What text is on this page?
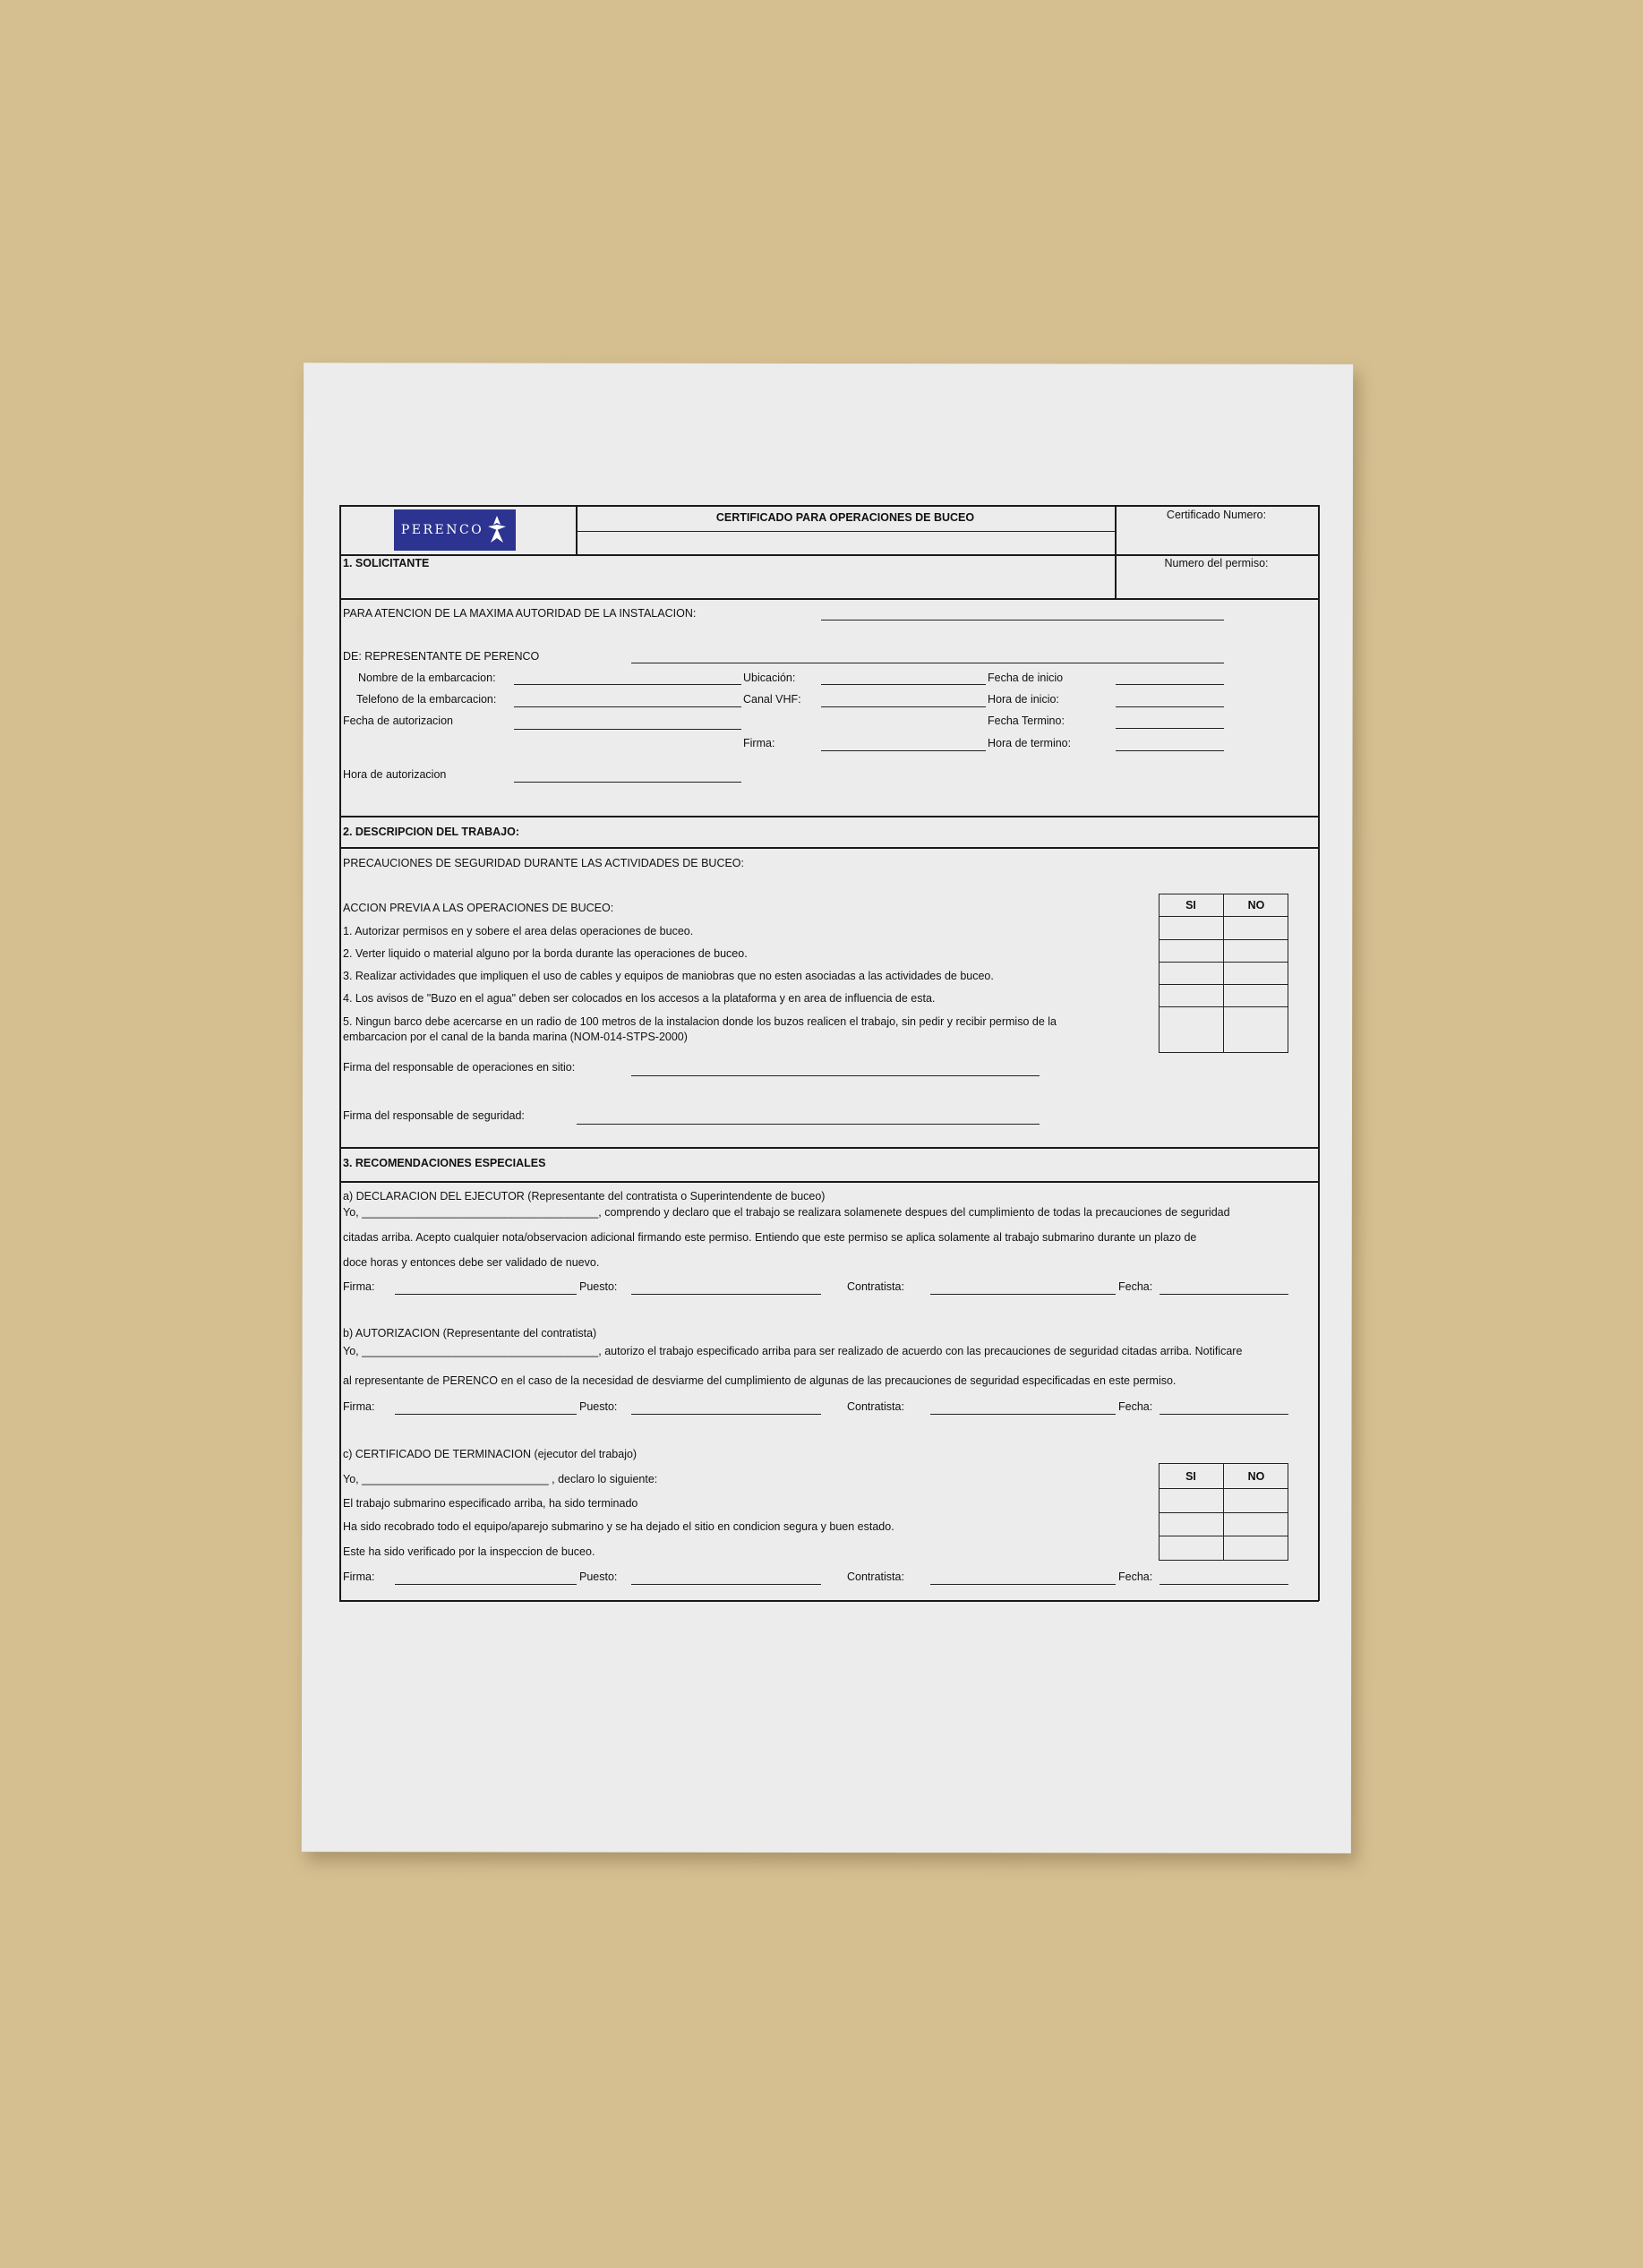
PERENCO
CERTIFICADO PARA OPERACIONES DE BUCEO	Certificado Numero:
Numero del permiso:
1. SOLICITANTE
PARA ATENCION DE LA MAXIMA AUTORIDAD DE LA INSTALACION:
DE: REPRESENTANTE DE PERENCO
Nombre de la embarcacion:	Ubicación:	Fecha de inicio
Telefono de la embarcacion:	Canal VHF:	Hora de inicio:
Fecha de autorizacion	Fecha Termino:
Firma:	Hora de termino:
Hora de autorizacion
2. DESCRIPCION DEL TRABAJO:
PRECAUCIONES DE SEGURIDAD DURANTE LAS ACTIVIDADES DE BUCEO:
ACCION PREVIA A LAS OPERACIONES DE BUCEO:
1. Autorizar permisos en y sobere el area delas operaciones de buceo.
2. Verter liquido o material alguno por la borda durante las operaciones de buceo.
3. Realizar actividades que impliquen el uso de cables y equipos de maniobras que no esten asociadas a las actividades de buceo.
4. Los avisos de "Buzo en el agua" deben ser colocados en los accesos a la plataforma y en area de influencia de esta.
5. Ningun barco debe acercarse en un radio de 100 metros de la instalacion donde los buzos realicen el trabajo, sin pedir y recibir permiso de la
embarcacion por el canal de la banda marina (NOM-014-STPS-2000)
SI	NO
Firma del responsable de operaciones en sitio:
Firma del responsable de seguridad:
3. RECOMENDACIONES ESPECIALES
a) DECLARACION DEL EJECUTOR (Representante del contratista o Superintendente de buceo)
Yo, ______________________________________, comprendo y declaro que el trabajo se realizara solamenete despues del cumplimiento de todas la precauciones de seguridad
citadas arriba. Acepto cualquier nota/observacion adicional firmando este permiso. Entiendo que este permiso se aplica solamente al trabajo submarino durante un plazo de
doce horas y entonces debe ser validado de nuevo.
Firma:	Puesto:	Contratista:	Fecha:
b) AUTORIZACION (Representante del contratista)
Yo, ______________________________________, autorizo el trabajo especificado arriba para ser realizado de acuerdo con las precauciones de seguridad citadas arriba. Notificare
al representante de PERENCO en el caso de la necesidad de desviarme del cumplimiento de algunas de las precauciones de seguridad especificadas en este permiso.
Firma:	Puesto:	Contratista:	Fecha:
c) CERTIFICADO DE TERMINACION (ejecutor del trabajo)
Yo, ______________________________ , declaro lo siguiente:
El trabajo submarino especificado arriba, ha sido terminado
Ha sido recobrado todo el equipo/aparejo submarino y se ha dejado el sitio en condicion segura y buen estado.
Este ha sido verificado por la inspeccion de buceo.
SI	NO
Firma:	Puesto:	Contratista:	Fecha:
